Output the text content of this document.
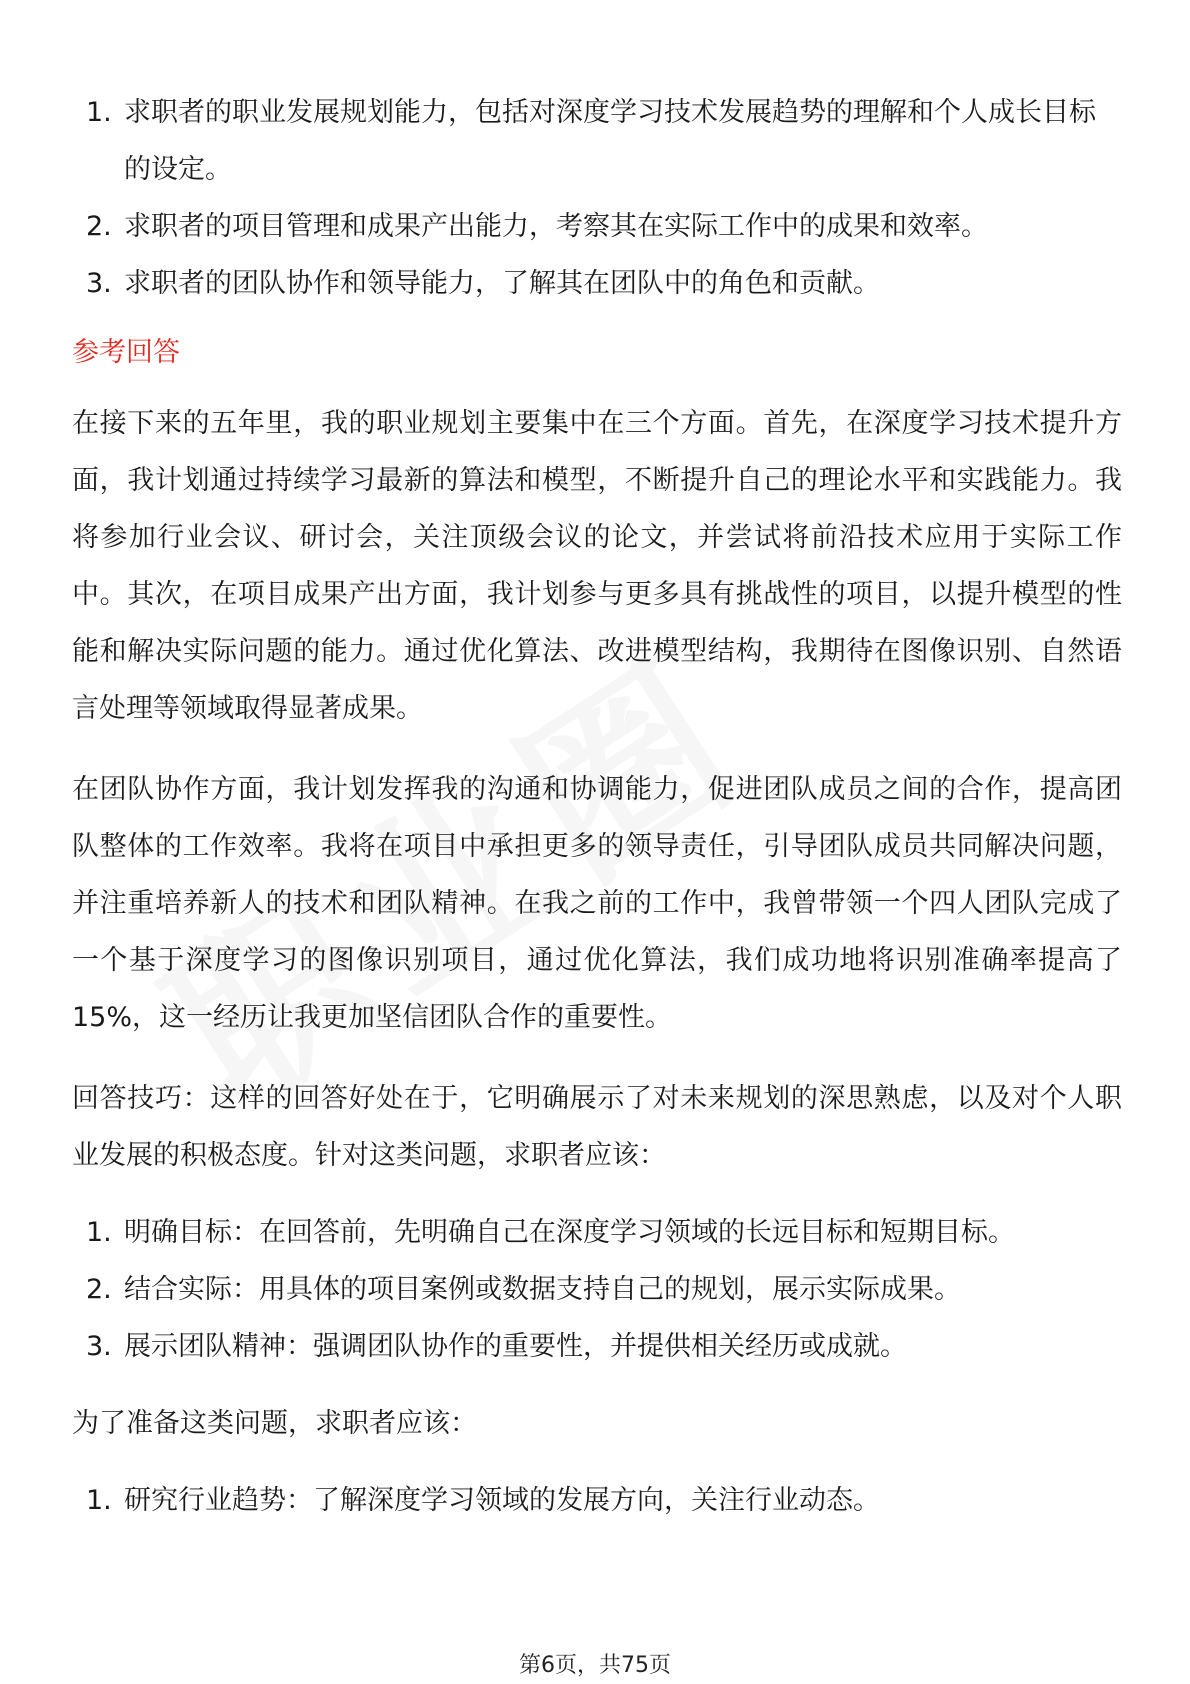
1. 求职者的职业发展规划能力，包括对深度学习技术发展趋势的理解和个人成长目标的设定。
2. 求职者的项目管理和成果产出能力，考察其在实际工作中的成果和效率。
3. 求职者的团队协作和领导能力，了解其在团队中的角色和贡献。
参考回答

在接下来的五年里，我的职业规划主要集中在三个方面。首先，在深度学习技术提升方面，我计划通过持续学习最新的算法和模型，不断提升自己的理论水平和实践能力。我将参加行业会议、研讨会，关注顶级会议的论文，并尝试将前沿技术应用于实际工作中。其次，在项目成果产出方面，我计划参与更多具有挑战性的项目，以提升模型的性能和解决实际问题的能力。通过优化算法、改进模型结构，我期待在图像识别、自然语言处理等领域取得显著成果。

在团队协作方面，我计划发挥我的沟通和协调能力，促进团队成员之间的合作，提高团队整体的工作效率。我将在项目中承担更多的领导责任，引导团队成员共同解决问题，并注重培养新人的技术和团队精神。在我之前的工作中，我曾带领一个四人团队完成了一个基于深度学习的图像识别项目，通过优化算法，我们成功地将识别准确率提高了15%，这一经历让我更加坚信团队合作的重要性。

回答技巧：这样的回答好处在于，它明确展示了对未来规划的深思熟虑，以及对个人职业发展的积极态度。针对这类问题，求职者应该：

1. 明确目标：在回答前，先明确自己在深度学习领域的长远目标和短期目标。
2. 结合实际：用具体的项目案例或数据支持自己的规划，展示实际成果。
3. 展示团队精神：强调团队协作的重要性，并提供相关经历或成就。

为了准备这类问题，求职者应该：

1. 研究行业趋势：了解深度学习领域的发展方向，关注行业动态。
第6页，共75页
